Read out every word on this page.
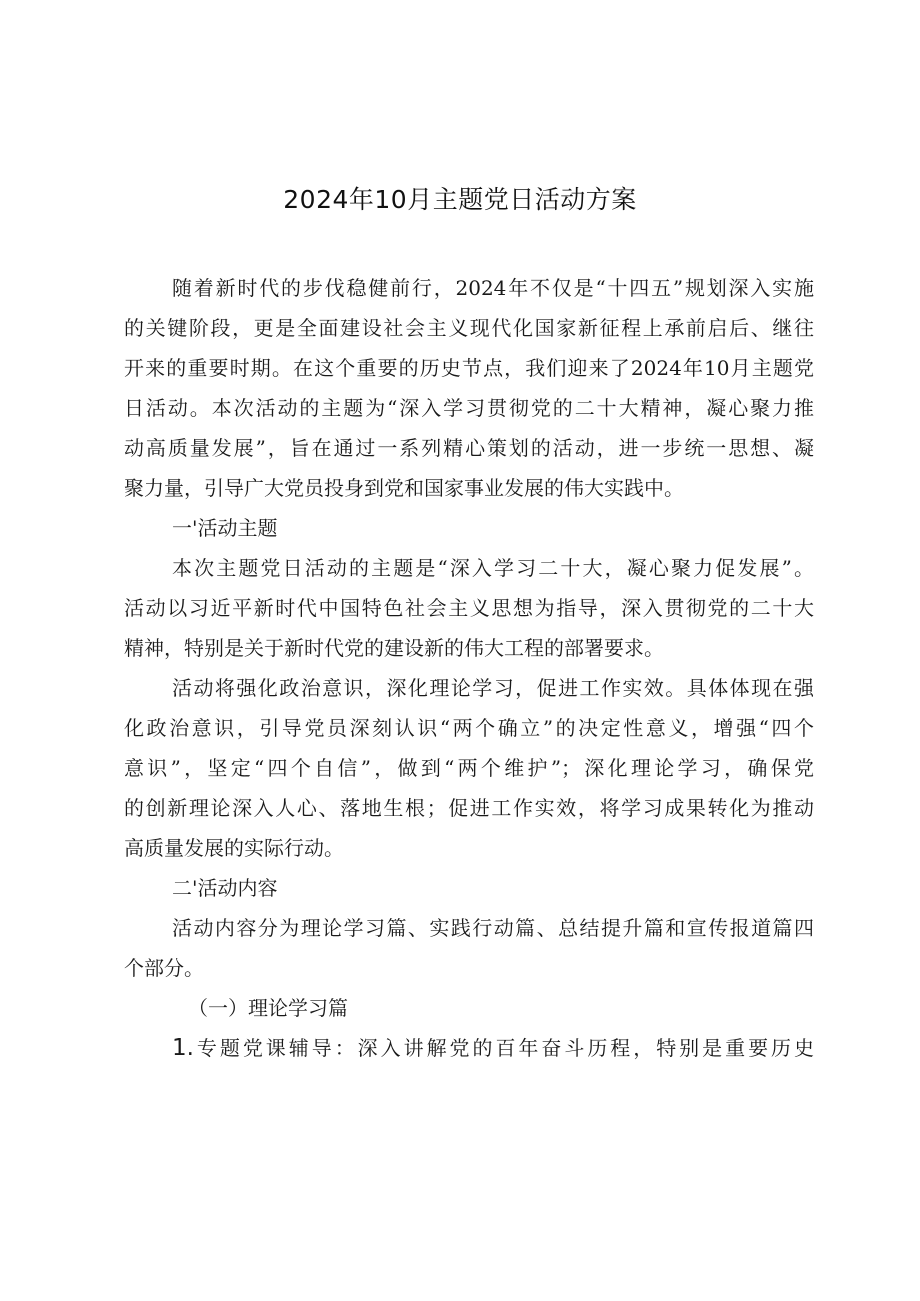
2024年10月主题党日活动方案
随着新时代的步伐稳健前行，2024年不仅是“十四五”规划深入实施
的关键阶段，更是全面建设社会主义现代化国家新征程上承前启后、继往
开来的重要时期。在这个重要的历史节点，我们迎来了2024年10月主题党
日活动。本次活动的主题为“深入学习贯彻党的二十大精神，凝心聚力推
动高质量发展”，旨在通过一系列精心策划的活动，进一步统一思想、凝
聚力量，引导广大党员投身到党和国家事业发展的伟大实践中。
一'活动主题
本次主题党日活动的主题是“深入学习二十大，凝心聚力促发展”。
活动以习近平新时代中国特色社会主义思想为指导，深入贯彻党的二十大
精神，特别是关于新时代党的建设新的伟大工程的部署要求。
活动将强化政治意识，深化理论学习，促进工作实效。具体体现在强
化政治意识，引导党员深刻认识“两个确立”的决定性意义，增强“四个
意识”，坚定“四个自信”，做到“两个维护”；深化理论学习，确保党
的创新理论深入人心、落地生根；促进工作实效，将学习成果转化为推动
高质量发展的实际行动。
二'活动内容
活动内容分为理论学习篇、实践行动篇、总结提升篇和宣传报道篇四
个部分。
（一）理论学习篇
1.专题党课辅导：深入讲解党的百年奋斗历程，特别是重要历史
